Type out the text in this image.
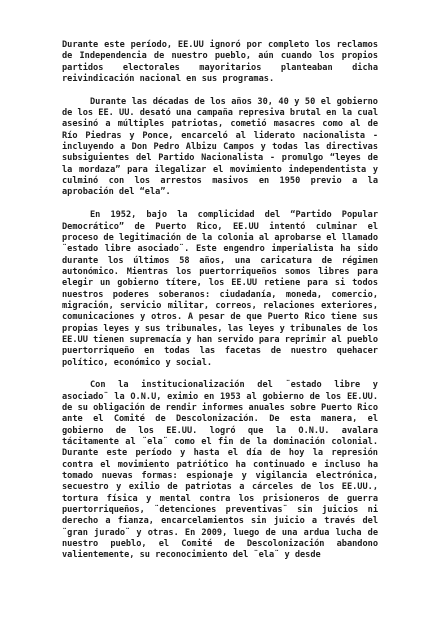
Durante este período, EE.UU ignoró por completo los reclamos de Independencia de nuestro pueblo, aún cuando los propios partidos electorales mayoritarios planteaban dicha reivindicación nacional en sus programas.

Durante las décadas de los años 30, 40 y 50 el gobierno de los EE. UU. desató una campaña represiva brutal en la cual asesinó a múltiples patriotas, cometió masacres como al de Río Piedras y Ponce, encarceló al liderato nacionalista - incluyendo a Don Pedro Albizu Campos y todas las directivas subsiguientes del Partido Nacionalista - promulgo “leyes de la mordaza” para ilegalizar el movimiento independentista y culminó con los arrestos masivos en 1950 previo a la aprobación del “ela”.

En 1952, bajo la complicidad del “Partido Popular Democrático” de Puerto Rico, EE.UU intentó culminar el proceso de legitimación de la colonia al aprobarse el llamado ¨estado libre asociado¨. Este engendro imperialista ha sido durante los últimos 58 años, una caricatura de régimen autonómico. Mientras los puertorriqueños somos libres para elegir un gobierno títere, los EE.UU retiene para si todos nuestros poderes soberanos: ciudadanía, moneda, comercio, migración, servicio militar, correos, relaciones exteriores, comunicaciones y otros. A pesar de que Puerto Rico tiene sus propias leyes y sus tribunales, las leyes y tribunales de los EE.UU tienen supremacía y han servido para reprimir al pueblo puertorriqueño en todas las facetas de nuestro quehacer político, económico y social.

Con la institucionalización del ¨estado libre y asociado¨ la O.N.U, eximio en 1953 al gobierno de los EE.UU. de su obligación de rendir informes anuales sobre Puerto Rico ante el Comité de Descolonización. De esta manera, el gobierno de los EE.UU. logró que la O.N.U. avalara tácitamente al ¨ela¨ como el fin de la dominación colonial. Durante este período y hasta el día de hoy la represión contra el movimiento patriótico ha continuado e incluso ha tomado nuevas formas: espionaje y vigilancia electrónica, secuestro y exilio de patriotas a cárceles de los EE.UU., tortura física y mental contra los prisioneros de guerra puertorriqueños, ¨detenciones preventivas¨ sin juicios ni derecho a fianza, encarcelamientos sin juicio a través del ¨gran jurado¨ y otras. En 2009, luego de una ardua lucha de nuestro pueblo, el Comité de Descolonización abandono valientemente, su reconocimiento del ¨ela¨ y desde
